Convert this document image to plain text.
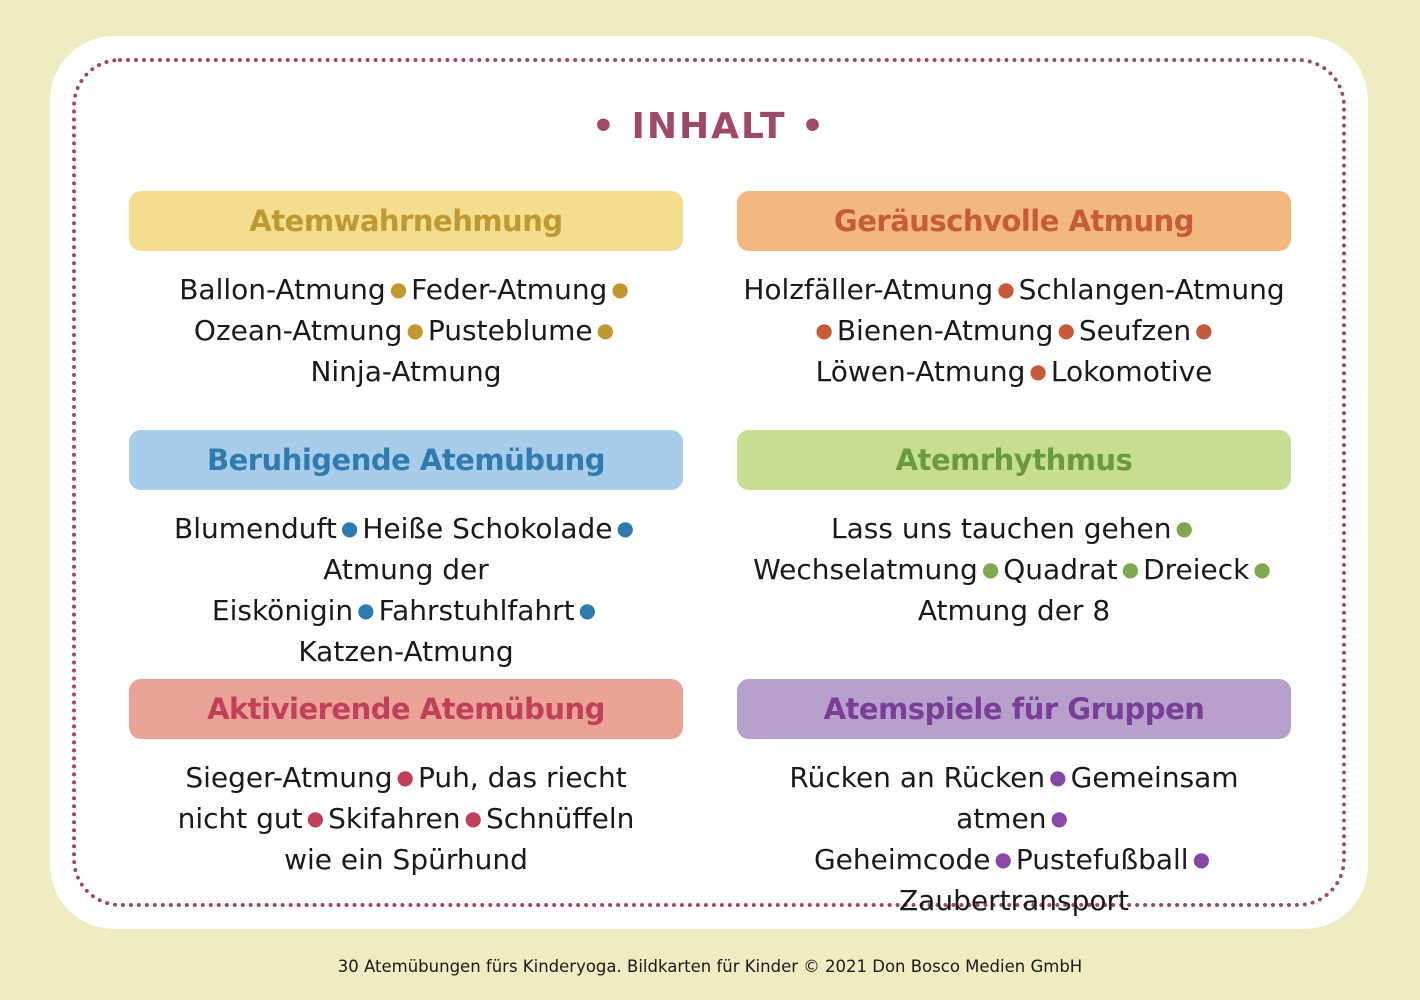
• INHALT •
Atemwahrnehmung
Ballon-Atmung ● Feder-Atmung ●
Ozean-Atmung ● Pusteblume ●
Ninja-Atmung
Geräuschvolle Atmung
Holzfäller-Atmung ● Schlangen-Atmung
● Bienen-Atmung ● Seufzen ●
Löwen-Atmung ● Lokomotive
Beruhigende Atemübung
Blumenduft ● Heiße Schokolade ●
Atmung der Eiskönigin ● Fahrstuhlfahrt ●
Katzen-Atmung
Atemrhythmus
Lass uns tauchen gehen ●
Wechselatmung ● Quadrat ● Dreieck ●
Atmung der 8
Aktivierende Atemübung
Sieger-Atmung ● Puh, das riecht
nicht gut ● Skifahren ● Schnüffeln
wie ein Spürhund
Atemspiele für Gruppen
Rücken an Rücken ● Gemeinsam atmen ●
Geheimcode ● Pustefußball ●
Zaubertransport
30 Atemübungen fürs Kinderyoga. Bildkarten für Kinder © 2021 Don Bosco Medien GmbH
